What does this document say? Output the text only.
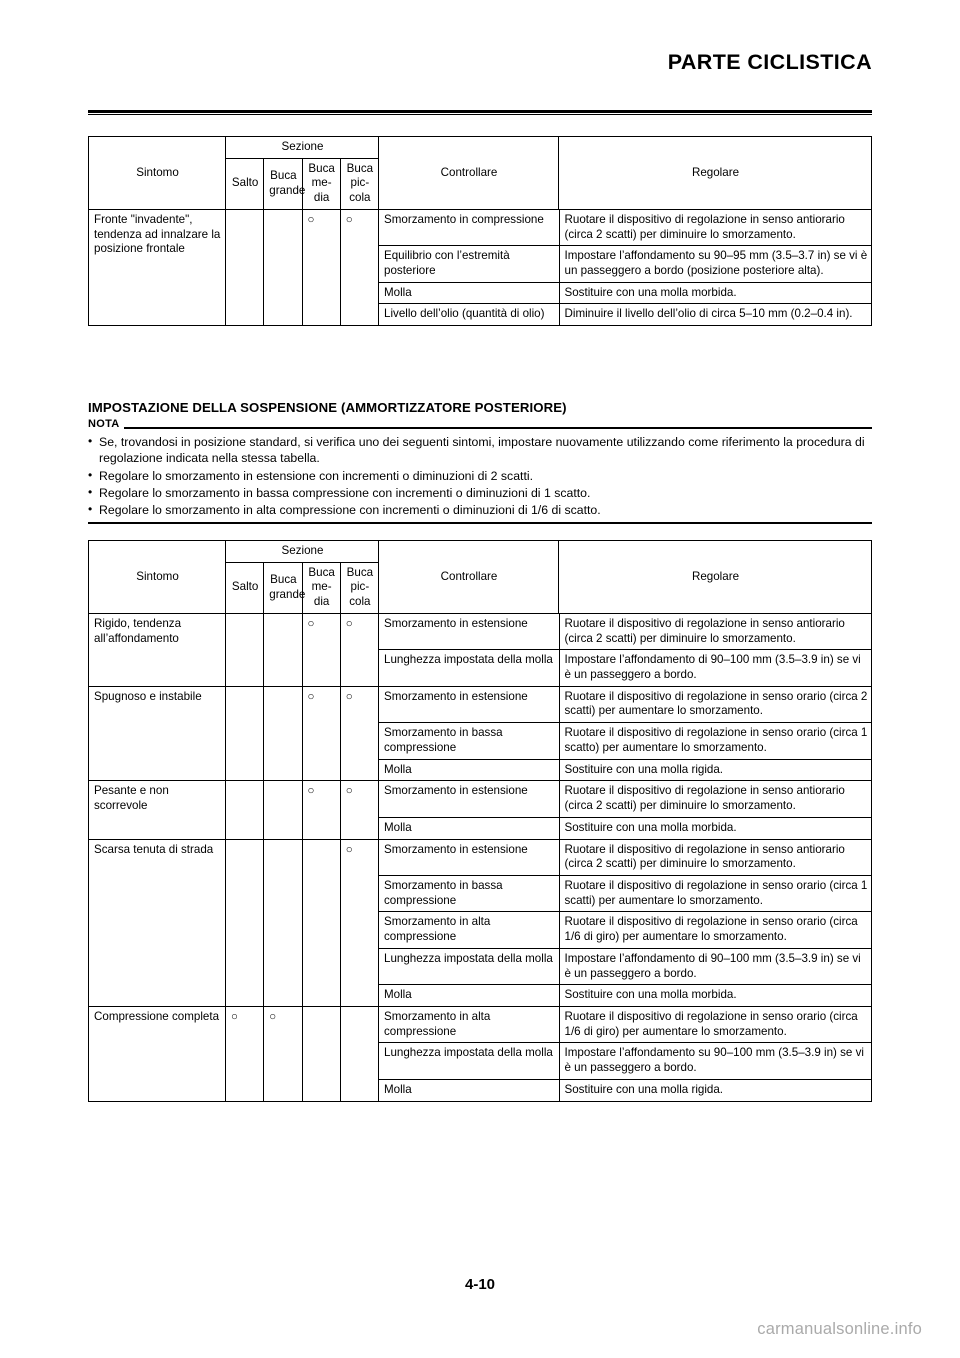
PARTE CICLISTICA
Sintomo	Sezione	Controllare	Regolare
Salto	Buca grande	Buca me-dia	Buca pic-cola
Fronte "invadente", tendenza ad innalzare la posizione frontale			○	○		Smorzamento in compressione	Ruotare il dispositivo di regolazione in senso antiorario (circa 2 scatti) per diminuire lo smorzamento.
Equilibrio con l’estremità posteriore	Impostare l’affondamento su 90–95 mm (3.5–3.7 in) se vi è un passeggero a bordo (posizione posteriore alta).
Molla	Sostituire con una molla morbida.
Livello dell’olio (quantità di olio)	Diminuire il livello dell’olio di circa 5–10 mm (0.2–0.4 in).
IMPOSTAZIONE DELLA SOSPENSIONE (AMMORTIZZATORE POSTERIORE)
NOTA
• Se, trovandosi in posizione standard, si verifica uno dei seguenti sintomi, impostare nuovamente utilizzando come riferimento la procedura di regolazione indicata nella stessa tabella.
• Regolare lo smorzamento in estensione con incrementi o diminuzioni di 2 scatti.
• Regolare lo smorzamento in bassa compressione con incrementi o diminuzioni di 1 scatto.
• Regolare lo smorzamento in alta compressione con incrementi o diminuzioni di 1/6 di scatto.
Sintomo	Sezione	Controllare	Regolare
Salto	Buca grande	Buca me-dia	Buca pic-cola
Rigido, tendenza all’affondamento			○	○		Smorzamento in estensione	Ruotare il dispositivo di regolazione in senso antiorario (circa 2 scatti) per diminuire lo smorzamento.
Lunghezza impostata della molla	Impostare l’affondamento di 90–100 mm (3.5–3.9 in) se vi è un passeggero a bordo.

Spugnoso e instabile			○	○		Smorzamento in estensione	Ruotare il dispositivo di regolazione in senso orario (circa 2 scatti) per aumentare lo smorzamento.
Smorzamento in bassa compressione	Ruotare il dispositivo di regolazione in senso orario (circa 1 scatto) per aumentare lo smorzamento.
Molla	Sostituire con una molla rigida.

Pesante e non scorrevole			○	○		Smorzamento in estensione	Ruotare il dispositivo di regolazione in senso antiorario (circa 2 scatti) per diminuire lo smorzamento.
Molla	Sostituire con una molla morbida.

Scarsa tenuta di strada				○		Smorzamento in estensione	Ruotare il dispositivo di regolazione in senso antiorario (circa 2 scatti) per diminuire lo smorzamento.
Smorzamento in bassa compressione	Ruotare il dispositivo di regolazione in senso orario (circa 1 scatti) per aumentare lo smorzamento.
Smorzamento in alta compressione	Ruotare il dispositivo di regolazione in senso orario (circa 1/6 di giro) per aumentare lo smorzamento.
Lunghezza impostata della molla	Impostare l’affondamento di 90–100 mm (3.5–3.9 in) se vi è un passeggero a bordo.
Molla	Sostituire con una molla morbida.

Compressione completa	○	○				Smorzamento in alta compressione	Ruotare il dispositivo di regolazione in senso orario (circa 1/6 di giro) per aumentare lo smorzamento.
Lunghezza impostata della molla	Impostare l’affondamento su 90–100 mm (3.5–3.9 in) se vi è un passeggero a bordo.
Molla	Sostituire con una molla rigida.
4-10
carmanualsonline.info
